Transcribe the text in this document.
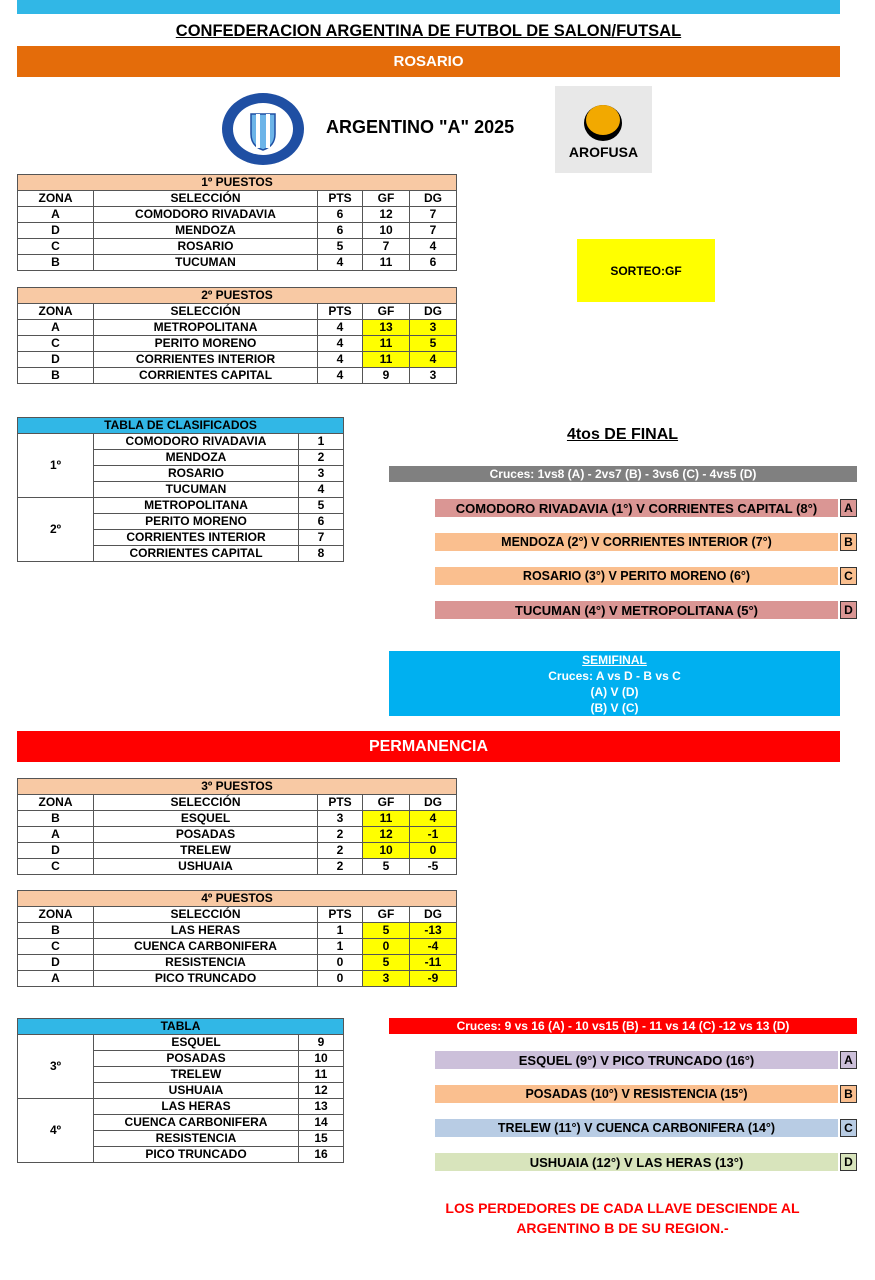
CONFEDERACION ARGENTINA DE FUTBOL DE SALON/FUTSAL
ROSARIO
ARGENTINO "A" 2025
AROFUSA
1º PUESTOS				
ZONA	SELECCIÓN	PTS	GF	DG
A	COMODORO RIVADAVIA	6	12	7
D	MENDOZA	6	10	7
C	ROSARIO	5	7	4
B	TUCUMAN	4	11	6
SORTEO:GF
2º PUESTOS				
ZONA	SELECCIÓN	PTS	GF	DG
A	METROPOLITANA	4	13	3
C	PERITO MORENO	4	11	5
D	CORRIENTES INTERIOR	4	11	4
B	CORRIENTES CAPITAL	4	9	3
TABLA DE CLASIFICADOS		
1º	COMODORO RIVADAVIA	1
	MENDOZA	2
	ROSARIO	3
	TUCUMAN	4
2º	METROPOLITANA	5
	PERITO MORENO	6
	CORRIENTES INTERIOR	7
	CORRIENTES CAPITAL	8
4tos DE FINAL
Cruces: 1vs8 (A) - 2vs7 (B) - 3vs6 (C) - 4vs5 (D)
COMODORO RIVADAVIA (1°) V CORRIENTES CAPITAL (8°)	A
MENDOZA (2°) V CORRIENTES INTERIOR (7°)	B
ROSARIO (3°) V PERITO MORENO (6°)	C
TUCUMAN (4°) V METROPOLITANA (5°)	D
SEMIFINAL
Cruces: A vs D - B vs C
(A) V (D)
(B) V (C)
PERMANENCIA
3º PUESTOS				
ZONA	SELECCIÓN	PTS	GF	DG
B	ESQUEL	3	11	4
A	POSADAS	2	12	-1
D	TRELEW	2	10	0
C	USHUAIA	2	5	-5
4º PUESTOS				
ZONA	SELECCIÓN	PTS	GF	DG
B	LAS HERAS	1	5	-13
C	CUENCA CARBONIFERA	1	0	-4
D	RESISTENCIA	0	5	-11
A	PICO TRUNCADO	0	3	-9
TABLA		
3º	ESQUEL	9
	POSADAS	10
	TRELEW	11
	USHUAIA	12
4º	LAS HERAS	13
	CUENCA CARBONIFERA	14
	RESISTENCIA	15
	PICO TRUNCADO	16
Cruces: 9 vs 16 (A) - 10 vs15 (B) - 11 vs 14 (C) -12 vs 13 (D)
ESQUEL (9°) V PICO TRUNCADO (16°)	A
POSADAS (10°) V RESISTENCIA (15°)	B
TRELEW (11°) V CUENCA CARBONIFERA (14°)	C
USHUAIA (12°) V LAS HERAS (13°)	D
LOS PERDEDORES DE CADA LLAVE DESCIENDE AL
ARGENTINO B DE SU REGION.-
